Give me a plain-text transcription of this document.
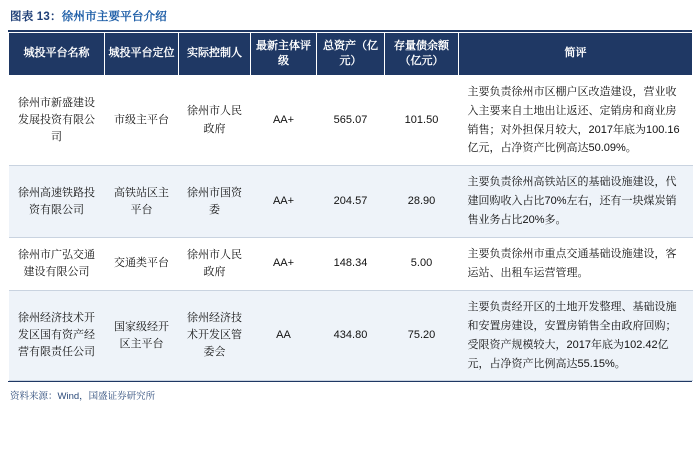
图表 13：徐州市主要平台介绍
城投平台名称	城投平台定位	实际控制人	最新主体评级	总资产（亿元）	存量债余额（亿元）	简评
徐州市新盛建设发展投资有限公司	市级主平台	徐州市人民政府	AA+	565.07	101.50	主要负责徐州市区棚户区改造建设，营业收入主要来自土地出让返还、定销房和商业房销售；对外担保月较大，2017年底为100.16亿元，占净资产比例高达50.09%。
徐州高速铁路投资有限公司	高铁站区主平台	徐州市国资委	AA+	204.57	28.90	主要负责徐州高铁站区的基础设施建设，代建回购收入占比70%左右，还有一块煤炭销售业务占比20%多。
徐州市广弘交通建设有限公司	交通类平台	徐州市人民政府	AA+	148.34	5.00	主要负责徐州市重点交通基础设施建设，客运站、出租车运营管理。
徐州经济技术开发区国有资产经营有限责任公司	国家级经开区主平台	徐州经济技术开发区管委会	AA	434.80	75.20	主要负责经开区的土地开发整理、基础设施和安置房建设，安置房销售全由政府回购；受限资产规模较大，2017年底为102.42亿元，占净资产比例高达55.15%。
资料来源：Wind，国盛证券研究所
